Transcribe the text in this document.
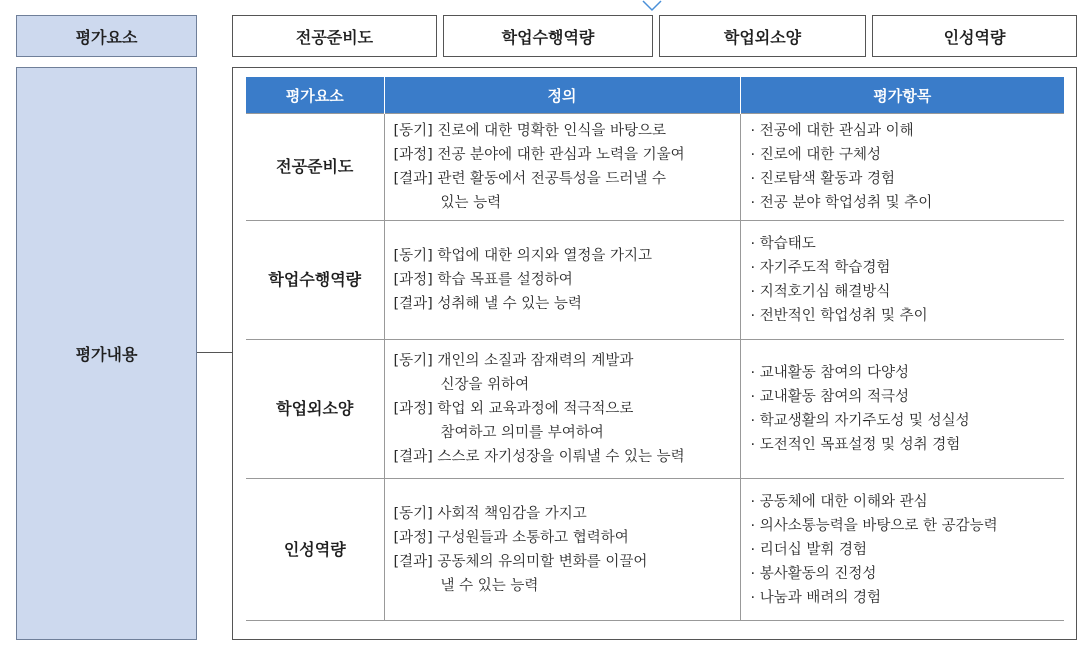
평가요소
평가내용
전공준비도	학업수행역량	학업외소양	인성역량
평가요소	정의	평가항목
전공준비도	[동기] 진로에 대한 명확한 인식을 바탕으로
[과정] 전공 분야에 대한 관심과 노력을 기울여
[결과] 관련 활동에서 전공특성을 드러낼 수
있는 능력	· 전공에 대한 관심과 이해
· 진로에 대한 구체성
· 진로탐색 활동과 경험
· 전공 분야 학업성취 및 추이

학업수행역량	[동기] 학업에 대한 의지와 열정을 가지고
[과정] 학습 목표를 설정하여
[결과] 성취해 낼 수 있는 능력	· 학습태도
· 자기주도적 학습경험
· 지적호기심 해결방식
· 전반적인 학업성취 및 추이

학업외소양	[동기] 개인의 소질과 잠재력의 계발과
신장을 위하여
[과정] 학업 외 교육과정에 적극적으로
참여하고 의미를 부여하여
[결과] 스스로 자기성장을 이뤄낼 수 있는 능력	· 교내활동 참여의 다양성
· 교내활동 참여의 적극성
· 학교생활의 자기주도성 및 성실성
· 도전적인 목표설정 및 성취 경험

인성역량	[동기] 사회적 책임감을 가지고
[과정] 구성원들과 소통하고 협력하여
[결과] 공동체의 유의미할 변화를 이끌어
낼 수 있는 능력	· 공동체에 대한 이해와 관심
· 의사소통능력을 바탕으로 한 공감능력
· 리더십 발휘 경험
· 봉사활동의 진정성
· 나눔과 배려의 경험
